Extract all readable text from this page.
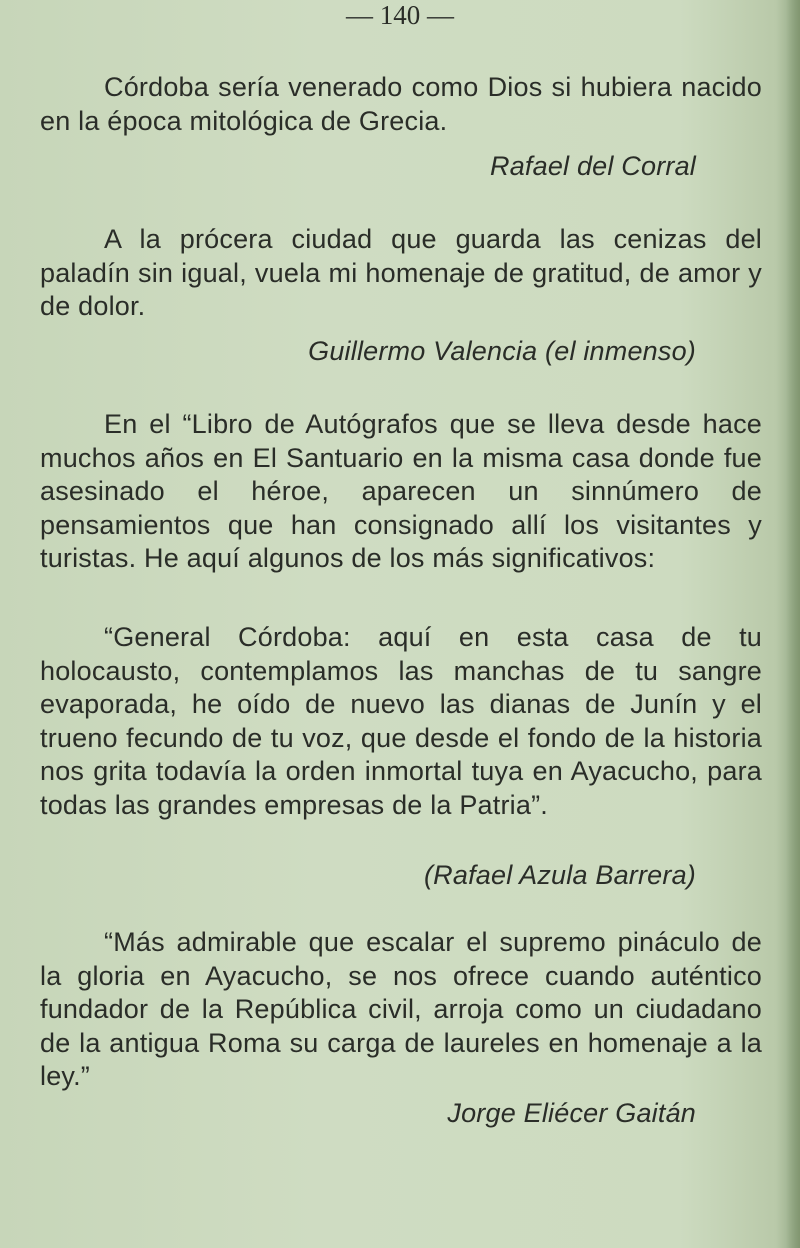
Córdoba sería venerado como Dios si hubiera nacido en la época mitológica de Grecia.
Rafael del Corral
A la prócera ciudad que guarda las cenizas del paladín sin igual, vuela mi homenaje de gratitud, de amor y de dolor.
Guillermo Valencia (el inmenso)
En el “Libro de Autógrafos que se lleva desde hace muchos años en El Santuario en la misma casa donde fue asesinado el héroe, aparecen un sinnúmero de pensamientos que han consignado allí los visitantes y turistas. He aquí algunos de los más significativos:
“General Córdoba: aquí en esta casa de tu holocausto, contemplamos las manchas de tu sangre evaporada, he oído de nuevo las dianas de Junín y el trueno fecundo de tu voz, que desde el fondo de la historia nos grita todavía la orden inmortal tuya en Ayacucho, para todas las grandes empresas de la Patria”.
(Rafael Azula Barrera)
“Más admirable que escalar el supremo pináculo de la gloria en Ayacucho, se nos ofrece cuando auténtico fundador de la República civil, arroja como un ciudadano de la antigua Roma su carga de laureles en homenaje a la ley.”
Jorge Eliécer Gaitán
— 140 —
